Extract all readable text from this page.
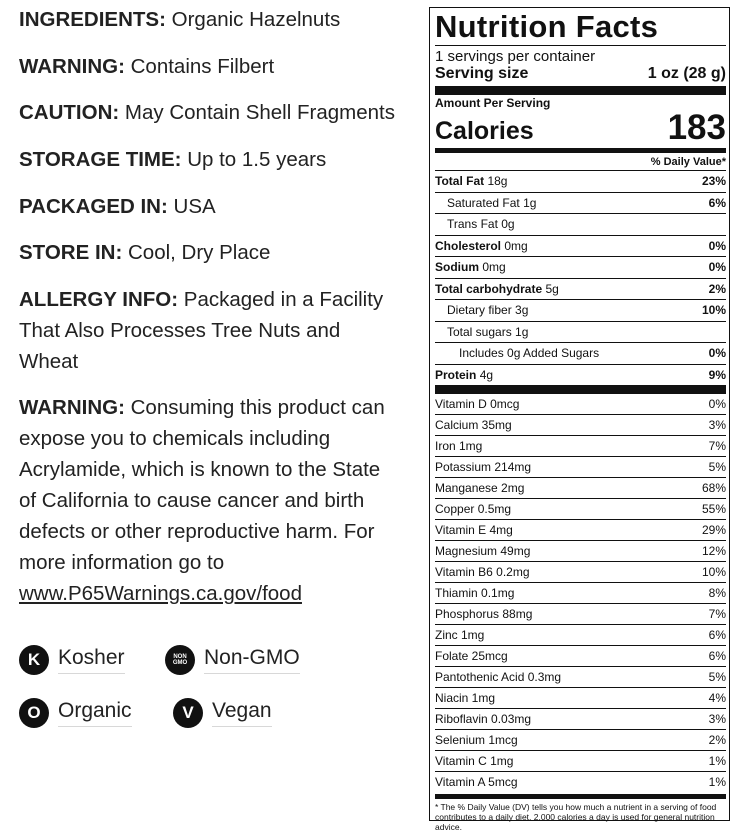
INGREDIENTS: Organic Hazelnuts
WARNING: Contains Filbert
CAUTION: May Contain Shell Fragments
STORAGE TIME: Up to 1.5 years
PACKAGED IN: USA
STORE IN: Cool, Dry Place
ALLERGY INFO: Packaged in a Facility
That Also Processes Tree Nuts and
Wheat
WARNING: Consuming this product can
expose you to chemicals including
Acrylamide, which is known to the State
of California to cause cancer and birth
defects or other reproductive harm. For
more information go to
www.P65Warnings.ca.gov/food
K Kosher	NON
GMO Non-GMO
O Organic	V Vegan
Nutrition Facts
1 servings per container
Serving size	1 oz (28 g)
Amount Per Serving
Calories	183
% Daily Value*
Total Fat 18g	23%
Saturated Fat 1g	6%
Trans Fat 0g
Cholesterol 0mg	0%
Sodium 0mg	0%
Total carbohydrate 5g	2%
Dietary fiber 3g	10%
Total sugars 1g
Includes 0g Added Sugars	0%
Protein 4g	9%
Vitamin D 0mcg	0%
Calcium 35mg	3%
Iron 1mg	7%
Potassium 214mg	5%
Manganese 2mg	68%
Copper 0.5mg	55%
Vitamin E 4mg	29%
Magnesium 49mg	12%
Vitamin B6 0.2mg	10%
Thiamin 0.1mg	8%
Phosphorus 88mg	7%
Zinc 1mg	6%
Folate 25mcg	6%
Pantothenic Acid 0.3mg	5%
Niacin 1mg	4%
Riboflavin 0.03mg	3%
Selenium 1mcg	2%
Vitamin C 1mg	1%
Vitamin A 5mcg	1%
* The % Daily Value (DV) tells you how much a nutrient in a serving of food contributes to a daily diet. 2,000 calories a day is used for general nutrition advice.
